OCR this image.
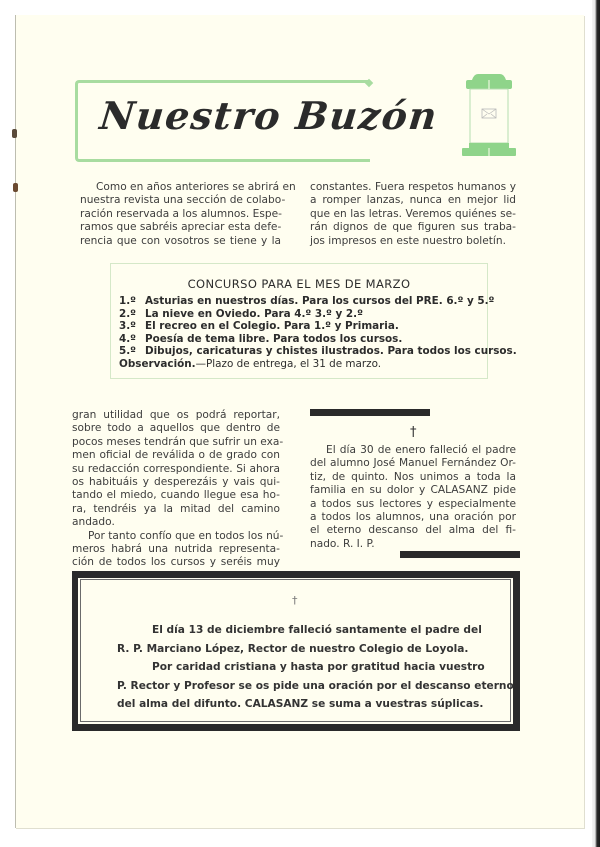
Nuestro Buzón
Como en años anteriores se abrirá en
nuestra revista una sección de colabo-
ración reservada a los alumnos. Espe-
ramos que sabréis apreciar esta defe-
rencia que con vosotros se tiene y la
constantes. Fuera respetos humanos y
a romper lanzas, nunca en mejor lid
que en las letras. Veremos quiénes se-
rán dignos de que figuren sus traba-
jos impresos en este nuestro boletín.
CONCURSO PARA EL MES DE MARZO
1.º Asturias en nuestros días. Para los cursos del PRE. 6.º y 5.º
2.º La nieve en Oviedo. Para 4.º 3.º y 2.º
3.º El recreo en el Colegio. Para 1.º y Primaria.
4.º Poesía de tema libre. Para todos los cursos.
5.º Dibujos, caricaturas y chistes ilustrados. Para todos los cursos.
Observación.—Plazo de entrega, el 31 de marzo.
gran utilidad que os podrá reportar,
sobre todo a aquellos que dentro de
pocos meses tendrán que sufrir un exa-
men oficial de reválida o de grado con
su redacción correspondiente. Si ahora
os habituáis y desperezáis y vais qui-
tando el miedo, cuando llegue esa ho-
ra, tendréis ya la mitad del camino
andado.
Por tanto confío que en todos los nú-
meros habrá una nutrida representa-
ción de todos los cursos y seréis muy
†
El día 30 de enero falleció el padre
del alumno José Manuel Fernández Or-
tiz, de quinto. Nos unimos a toda la
familia en su dolor y CALASANZ pide
a todos sus lectores y especialmente
a todos los alumnos, una oración por
el eterno descanso del alma del fi-
nado. R. I. P.
†
El día 13 de diciembre falleció santamente el padre del
R. P. Marciano López, Rector de nuestro Colegio de Loyola.
Por caridad cristiana y hasta por gratitud hacia vuestro
P. Rector y Profesor se os pide una oración por el descanso eterno
del alma del difunto. CALASANZ se suma a vuestras súplicas.
